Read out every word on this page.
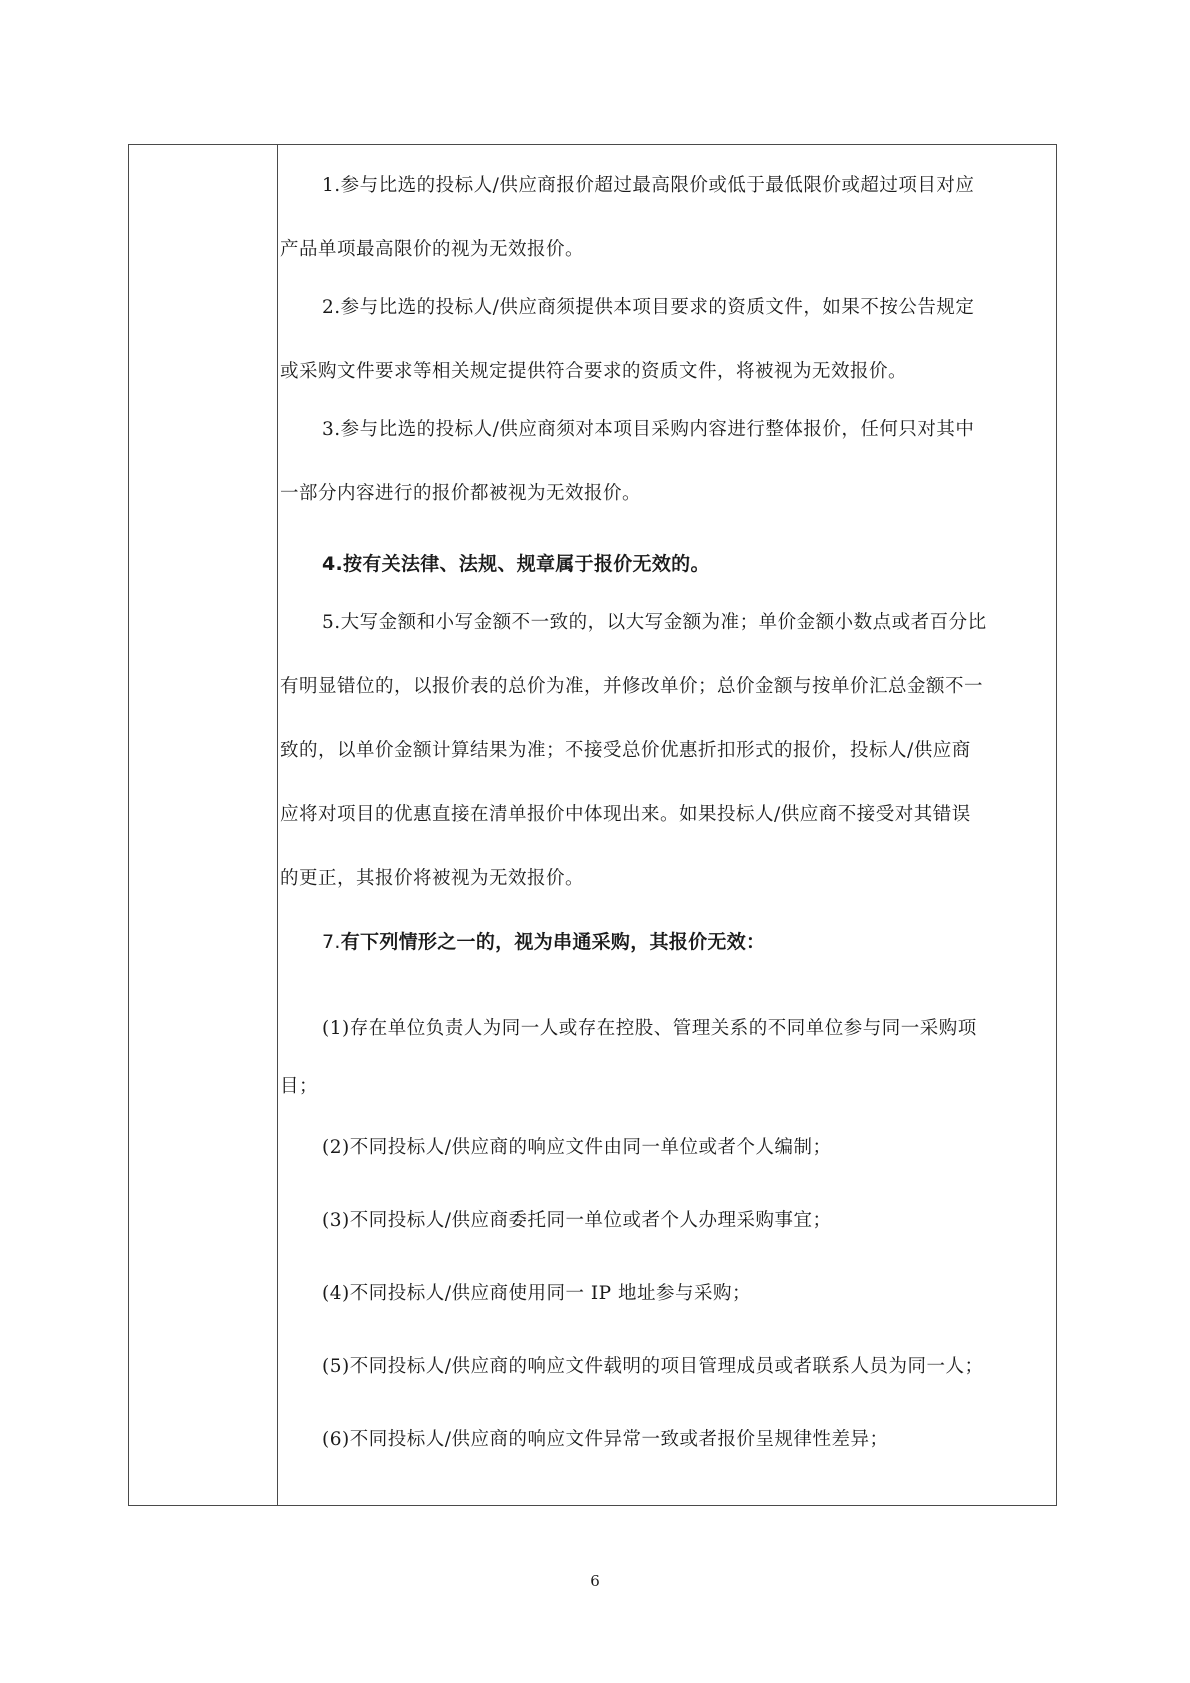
1.参与比选的投标人/供应商报价超过最高限价或低于最低限价或超过项目对应
产品单项最高限价的视为无效报价。
2.参与比选的投标人/供应商须提供本项目要求的资质文件，如果不按公告规定
或采购文件要求等相关规定提供符合要求的资质文件，将被视为无效报价。
3.参与比选的投标人/供应商须对本项目采购内容进行整体报价，任何只对其中
一部分内容进行的报价都被视为无效报价。
4.按有关法律、法规、规章属于报价无效的。
5.大写金额和小写金额不一致的，以大写金额为准；单价金额小数点或者百分比
有明显错位的，以报价表的总价为准，并修改单价；总价金额与按单价汇总金额不一
致的，以单价金额计算结果为准；不接受总价优惠折扣形式的报价，投标人/供应商
应将对项目的优惠直接在清单报价中体现出来。如果投标人/供应商不接受对其错误
的更正，其报价将被视为无效报价。
7.有下列情形之一的，视为串通采购，其报价无效：
(1)存在单位负责人为同一人或存在控股、管理关系的不同单位参与同一采购项
目；
(2)不同投标人/供应商的响应文件由同一单位或者个人编制；
(3)不同投标人/供应商委托同一单位或者个人办理采购事宜；
(4)不同投标人/供应商使用同一 IP 地址参与采购；
(5)不同投标人/供应商的响应文件载明的项目管理成员或者联系人员为同一人；
(6)不同投标人/供应商的响应文件异常一致或者报价呈规律性差异；
6
